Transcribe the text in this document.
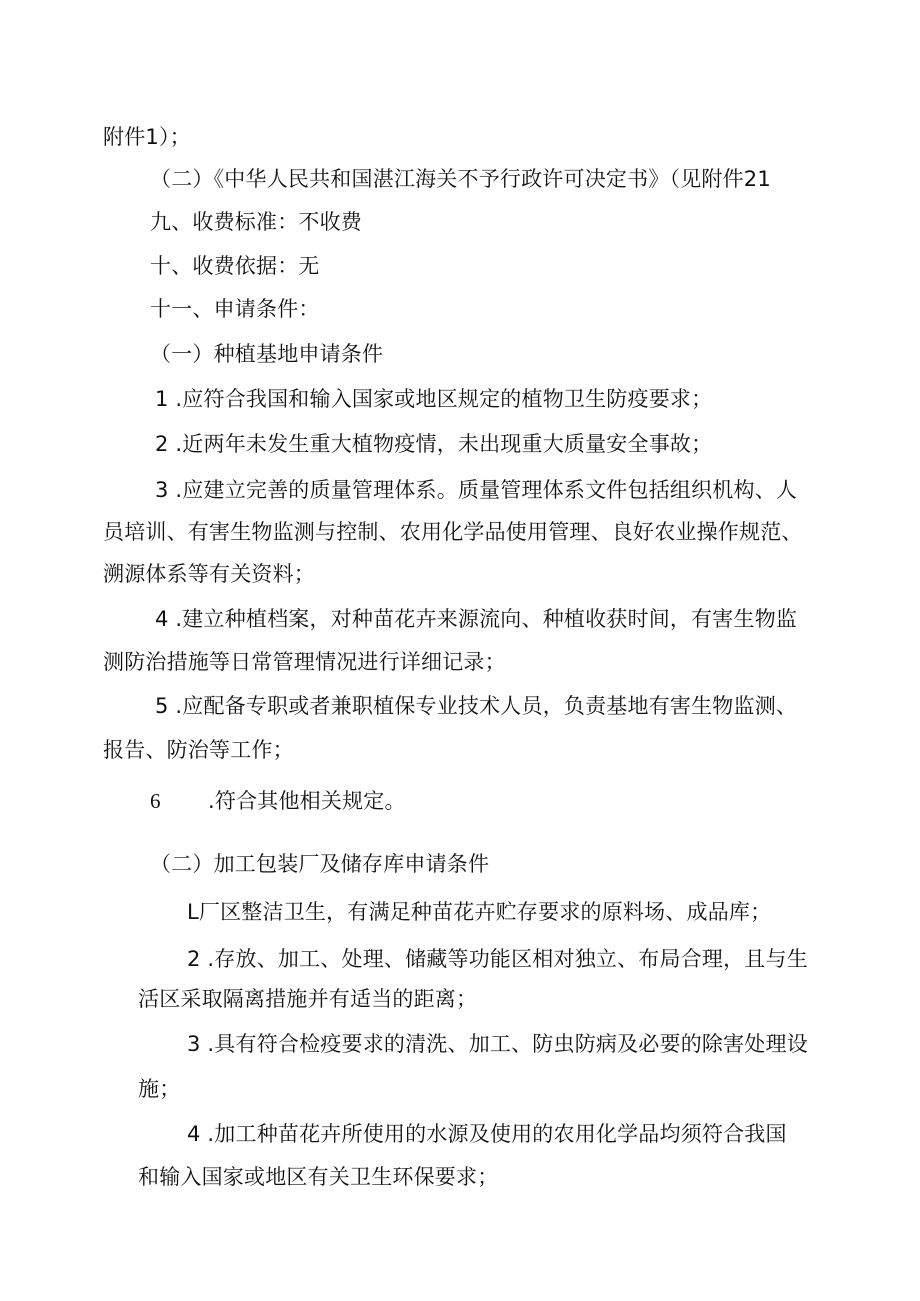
附件1）；
（二）《中华人民共和国湛江海关不予行政许可决定书》（见附件21
九、收费标准：不收费
十、收费依据：无
十一、申请条件：
（一）种植基地申请条件
1 .应符合我国和输入国家或地区规定的植物卫生防疫要求；
2 .近两年未发生重大植物疫情，未出现重大质量安全事故；
3 .应建立完善的质量管理体系。质量管理体系文件包括组织机构、人
员培训、有害生物监测与控制、农用化学品使用管理、良好农业操作规范、
溯源体系等有关资料；
4 .建立种植档案，对种苗花卉来源流向、种植收获时间，有害生物监
测防治措施等日常管理情况进行详细记录；
5 .应配备专职或者兼职植保专业技术人员，负责基地有害生物监测、
报告、防治等工作；
6 .符合其他相关规定。
（二）加工包装厂及储存库申请条件
L厂区整洁卫生，有满足种苗花卉贮存要求的原料场、成品库；
2 .存放、加工、处理、储藏等功能区相对独立、布局合理，且与生
活区采取隔离措施并有适当的距离；
3 .具有符合检疫要求的清洗、加工、防虫防病及必要的除害处理设
施；
4 .加工种苗花卉所使用的水源及使用的农用化学品均须符合我国
和输入国家或地区有关卫生环保要求；
